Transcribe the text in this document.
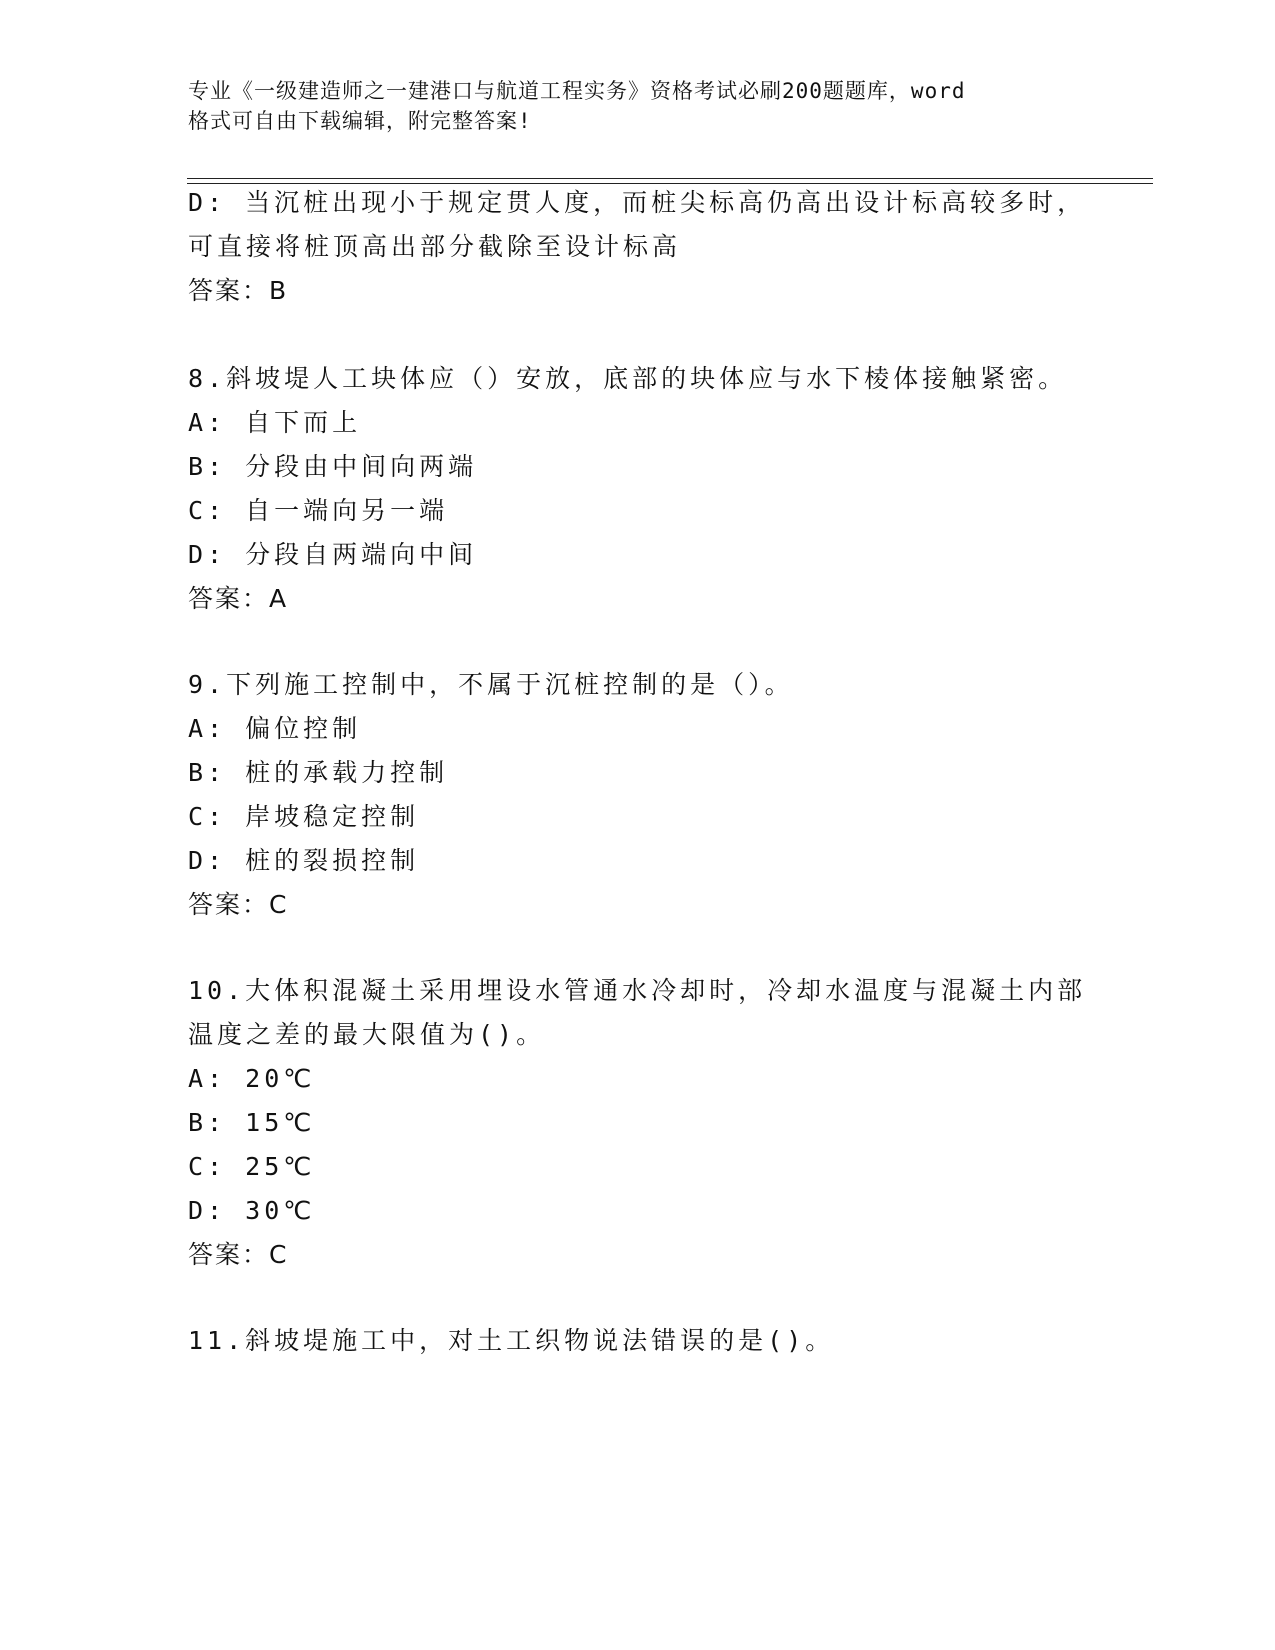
专业《一级建造师之一建港口与航道工程实务》资格考试必刷200题题库，word
格式可自由下载编辑，附完整答案!
D: 当沉桩出现小于规定贯人度，而桩尖标高仍高出设计标高较多时，
可直接将桩顶高出部分截除至设计标高
答案：B
8.斜坡堤人工块体应（）安放，底部的块体应与水下棱体接触紧密。
A: 自下而上
B: 分段由中间向两端
C: 自一端向另一端
D: 分段自两端向中间
答案：A
9.下列施工控制中，不属于沉桩控制的是（）。
A: 偏位控制
B: 桩的承载力控制
C: 岸坡稳定控制
D: 桩的裂损控制
答案：C
10.大体积混凝土采用埋设水管通水冷却时，冷却水温度与混凝土内部
温度之差的最大限值为()。
A: 20℃
B: 15℃
C: 25℃
D: 30℃
答案：C
11.斜坡堤施工中，对土工织物说法错误的是()。
